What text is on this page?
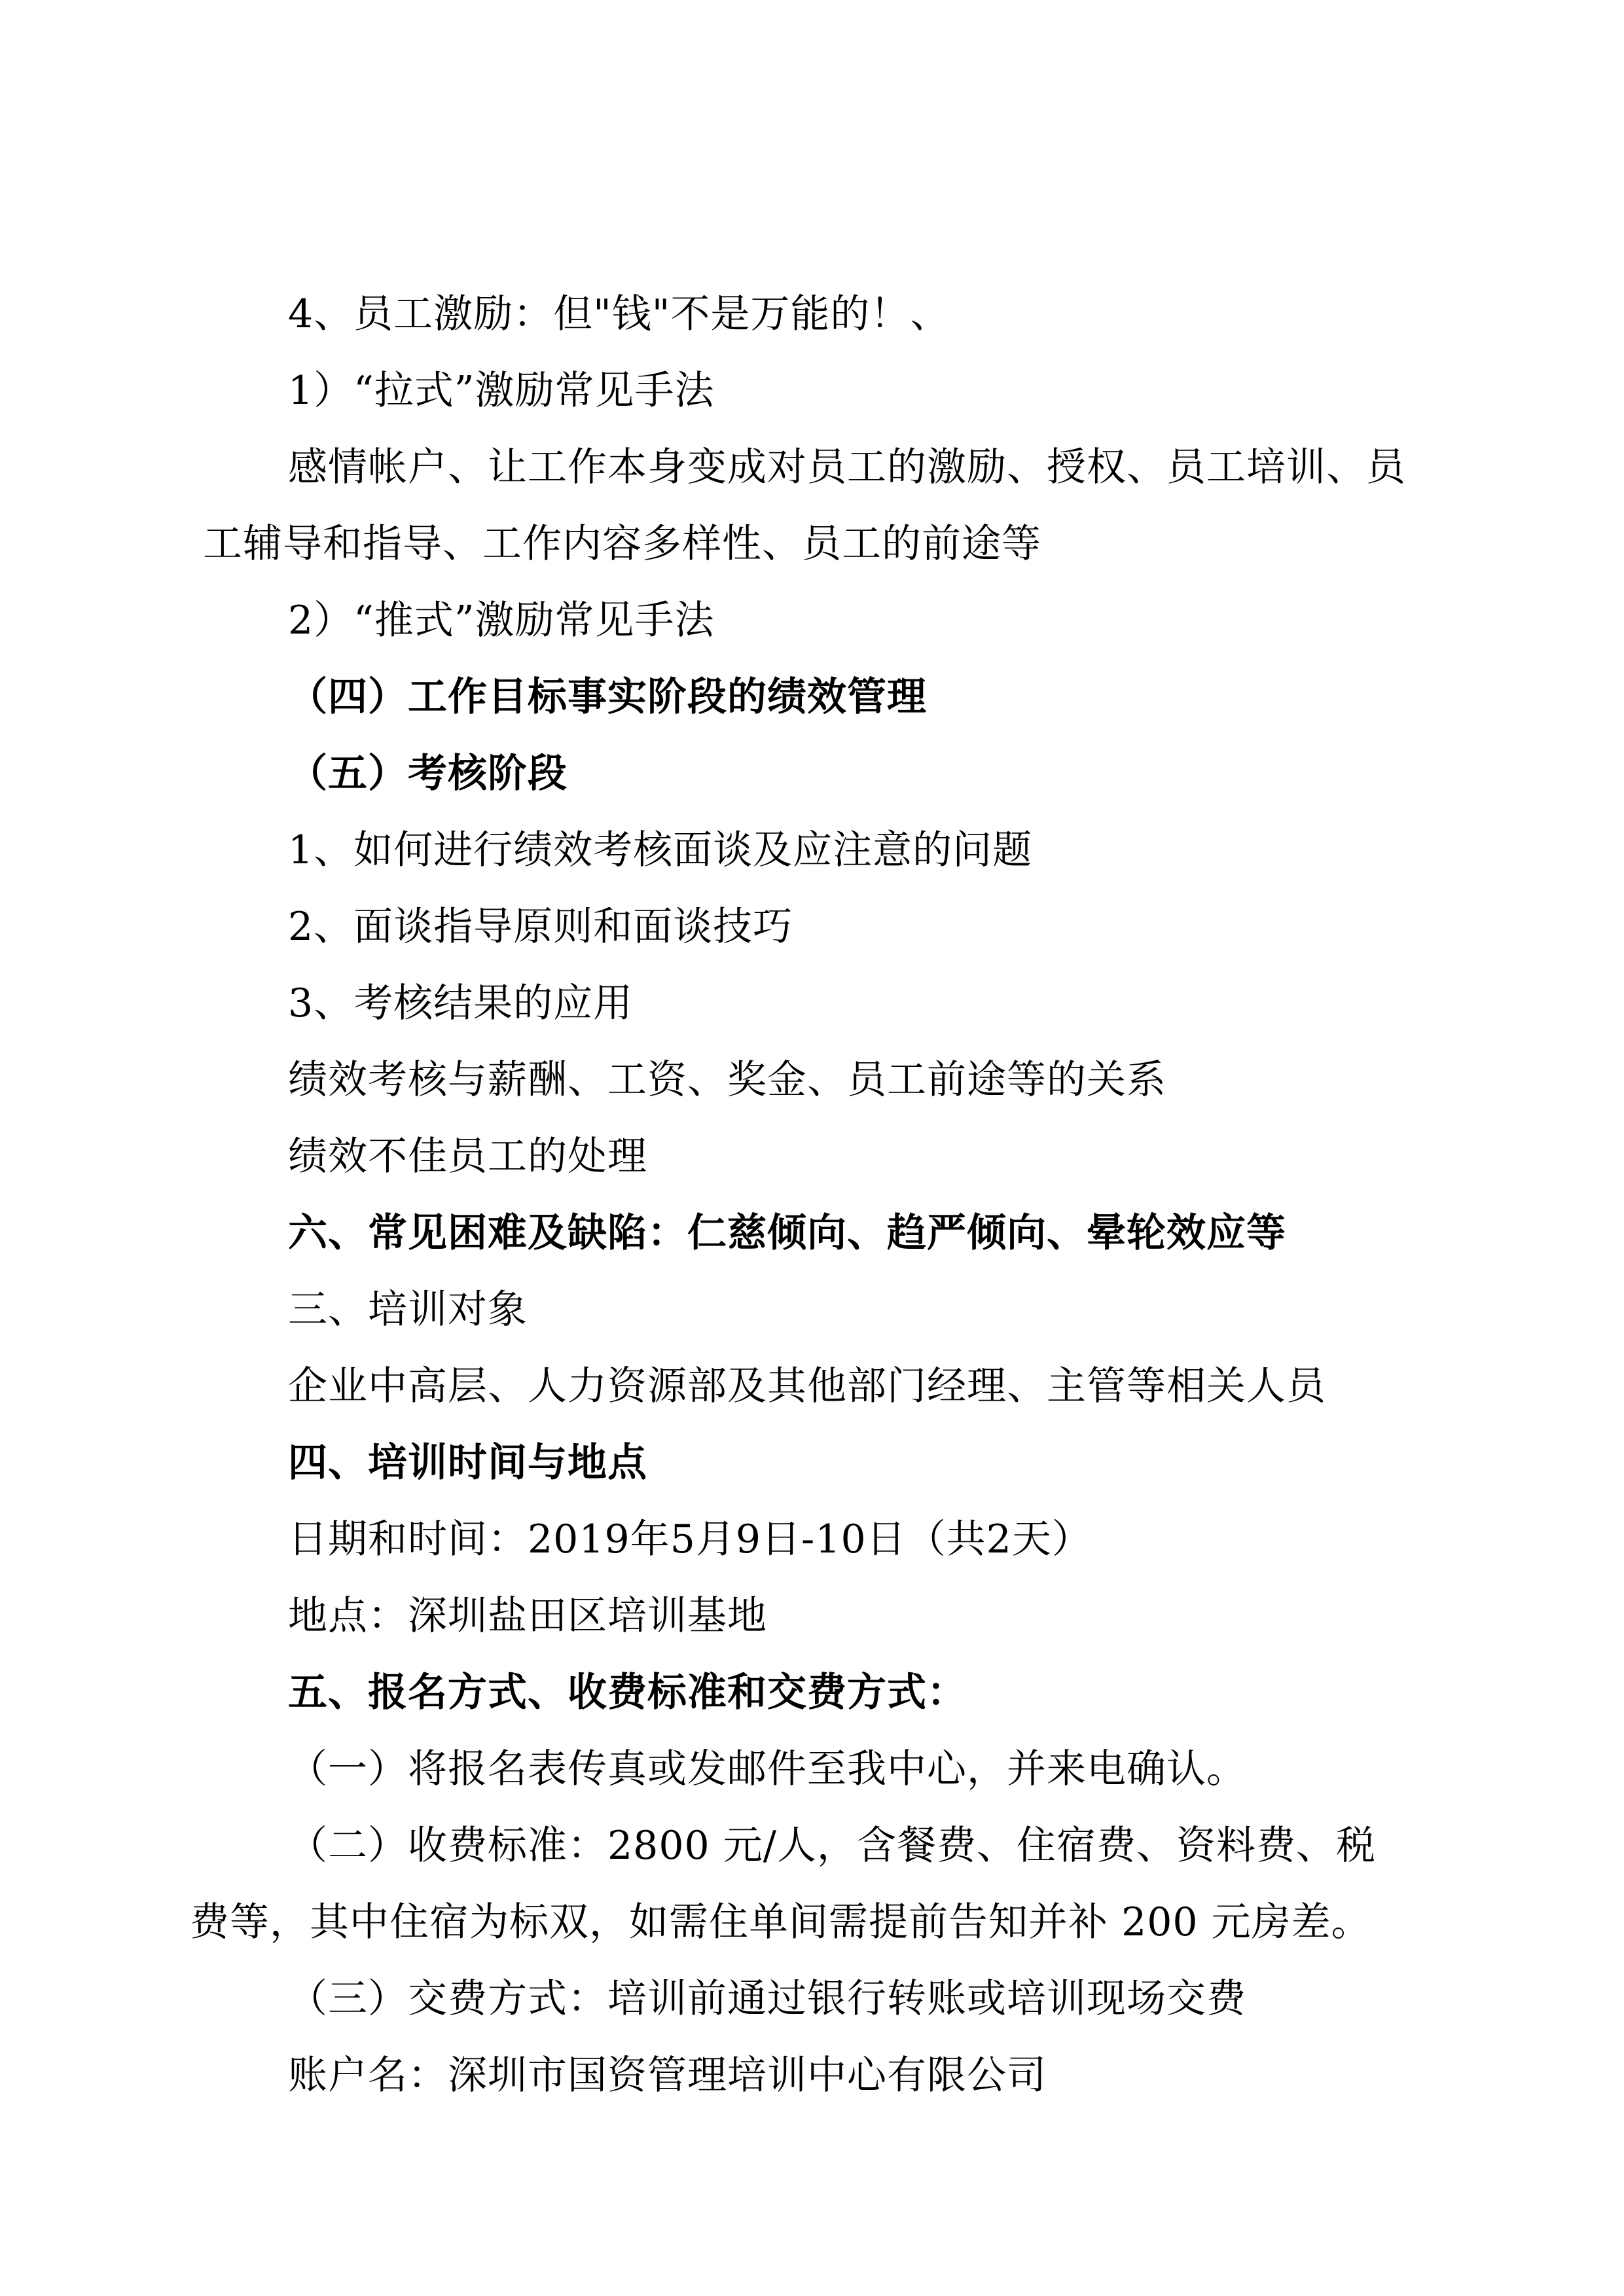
4、员工激励：但"钱"不是万能的！、
1）“拉式”激励常见手法
感情帐户、让工作本身变成对员工的激励、授权、员工培训、员
工辅导和指导、工作内容多样性、员工的前途等
2）“推式”激励常见手法
（四）工作目标事实阶段的绩效管理
（五）考核阶段
1、如何进行绩效考核面谈及应注意的问题
2、面谈指导原则和面谈技巧
3、考核结果的应用
绩效考核与薪酬、工资、奖金、员工前途等的关系
绩效不佳员工的处理
六、常见困难及缺陷：仁慈倾向、趋严倾向、晕轮效应等
三、培训对象
企业中高层、人力资源部及其他部门经理、主管等相关人员
四、培训时间与地点
日期和时间：2019年5月9日-10日（共2天）
地点：深圳盐田区培训基地
五、报名方式、收费标准和交费方式：
（一）将报名表传真或发邮件至我中心，并来电确认。
（二）收费标准：2800 元/人，含餐费、住宿费、资料费、税
费等，其中住宿为标双，如需住单间需提前告知并补 200 元房差。
（三）交费方式：培训前通过银行转账或培训现场交费
账户名：深圳市国资管理培训中心有限公司
